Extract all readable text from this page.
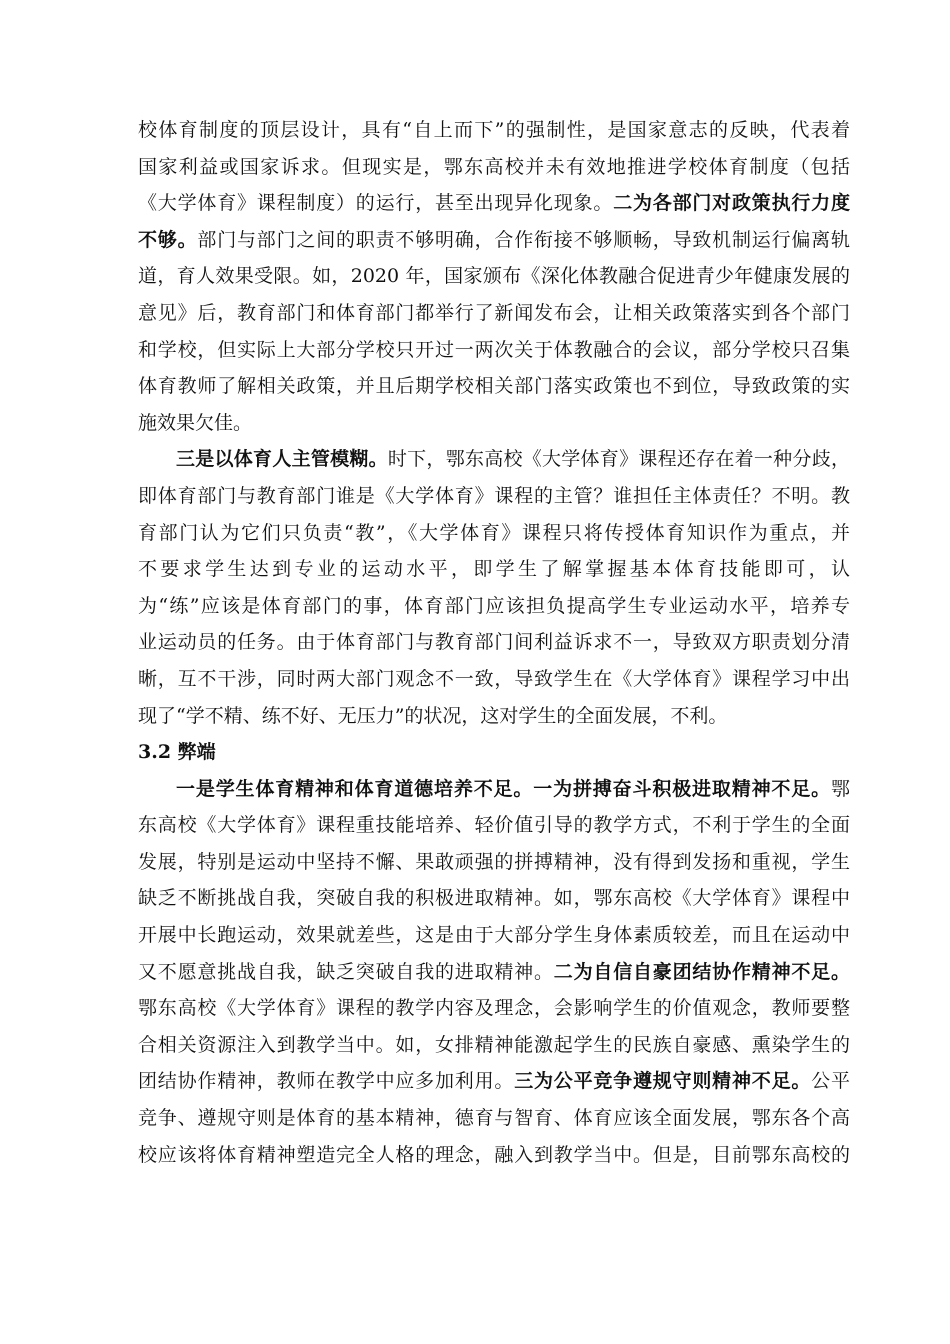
校体育制度的顶层设计，具有“自上而下”的强制性，是国家意志的反映，代表着
国家利益或国家诉求。但现实是，鄂东高校并未有效地推进学校体育制度（包括
《大学体育》课程制度）的运行，甚至出现异化现象。二为各部门对政策执行力度
不够。部门与部门之间的职责不够明确，合作衔接不够顺畅，导致机制运行偏离轨
道，育人效果受限。如，2020 年，国家颁布《深化体教融合促进青少年健康发展的
意见》后，教育部门和体育部门都举行了新闻发布会，让相关政策落实到各个部门
和学校，但实际上大部分学校只开过一两次关于体教融合的会议，部分学校只召集
体育教师了解相关政策，并且后期学校相关部门落实政策也不到位，导致政策的实
施效果欠佳。
三是以体育人主管模糊。时下，鄂东高校《大学体育》课程还存在着一种分歧，
即体育部门与教育部门谁是《大学体育》课程的主管？谁担任主体责任？不明。教
育部门认为它们只负责“教”，《大学体育》课程只将传授体育知识作为重点，并
不要求学生达到专业的运动水平，即学生了解掌握基本体育技能即可，认
为“练”应该是体育部门的事，体育部门应该担负提高学生专业运动水平，培养专
业运动员的任务。由于体育部门与教育部门间利益诉求不一，导致双方职责划分清
晰，互不干涉，同时两大部门观念不一致，导致学生在《大学体育》课程学习中出
现了“学不精、练不好、无压力”的状况，这对学生的全面发展，不利。
3.2 弊端
一是学生体育精神和体育道德培养不足。一为拼搏奋斗积极进取精神不足。鄂
东高校《大学体育》课程重技能培养、轻价值引导的教学方式，不利于学生的全面
发展，特别是运动中坚持不懈、果敢顽强的拼搏精神，没有得到发扬和重视，学生
缺乏不断挑战自我，突破自我的积极进取精神。如，鄂东高校《大学体育》课程中
开展中长跑运动，效果就差些，这是由于大部分学生身体素质较差，而且在运动中
又不愿意挑战自我，缺乏突破自我的进取精神。二为自信自豪团结协作精神不足。
鄂东高校《大学体育》课程的教学内容及理念，会影响学生的价值观念，教师要整
合相关资源注入到教学当中。如，女排精神能激起学生的民族自豪感、熏染学生的
团结协作精神，教师在教学中应多加利用。三为公平竞争遵规守则精神不足。公平
竞争、遵规守则是体育的基本精神，德育与智育、体育应该全面发展，鄂东各个高
校应该将体育精神塑造完全人格的理念，融入到教学当中。但是，目前鄂东高校的
